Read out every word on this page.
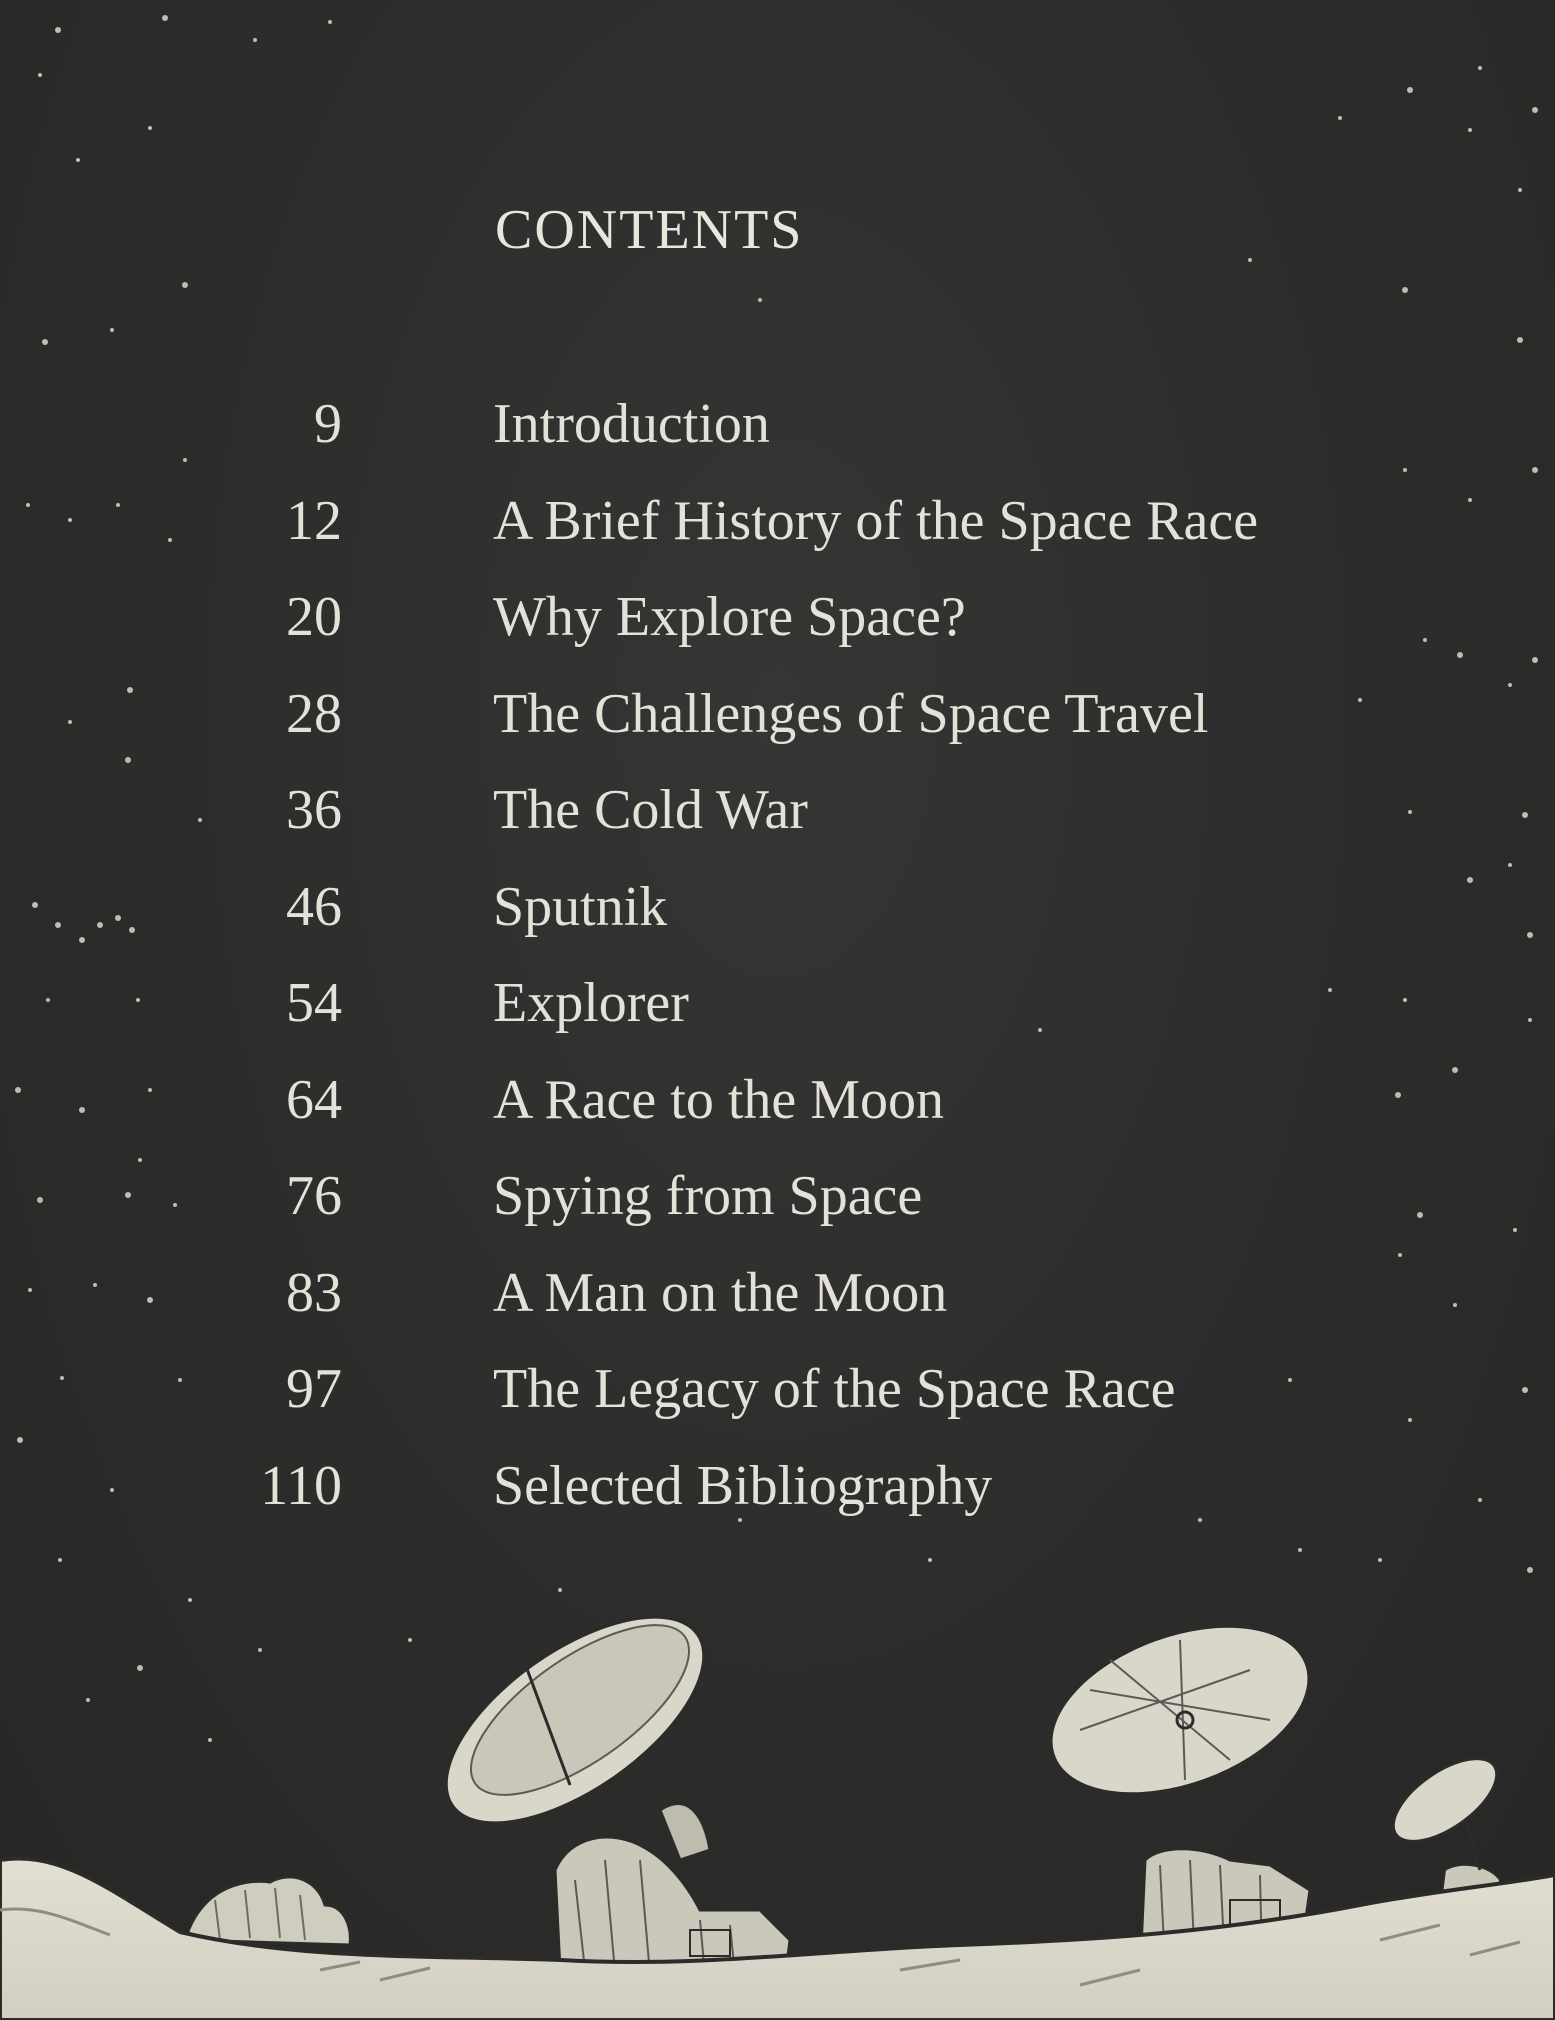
CONTENTS
9	Introduction
12	A Brief History of the Space Race
20	Why Explore Space?
28	The Challenges of Space Travel
36	The Cold War
46	Sputnik
54	Explorer
64	A Race to the Moon
76	Spying from Space
83	A Man on the Moon
97	The Legacy of the Space Race
110	Selected Bibliography
